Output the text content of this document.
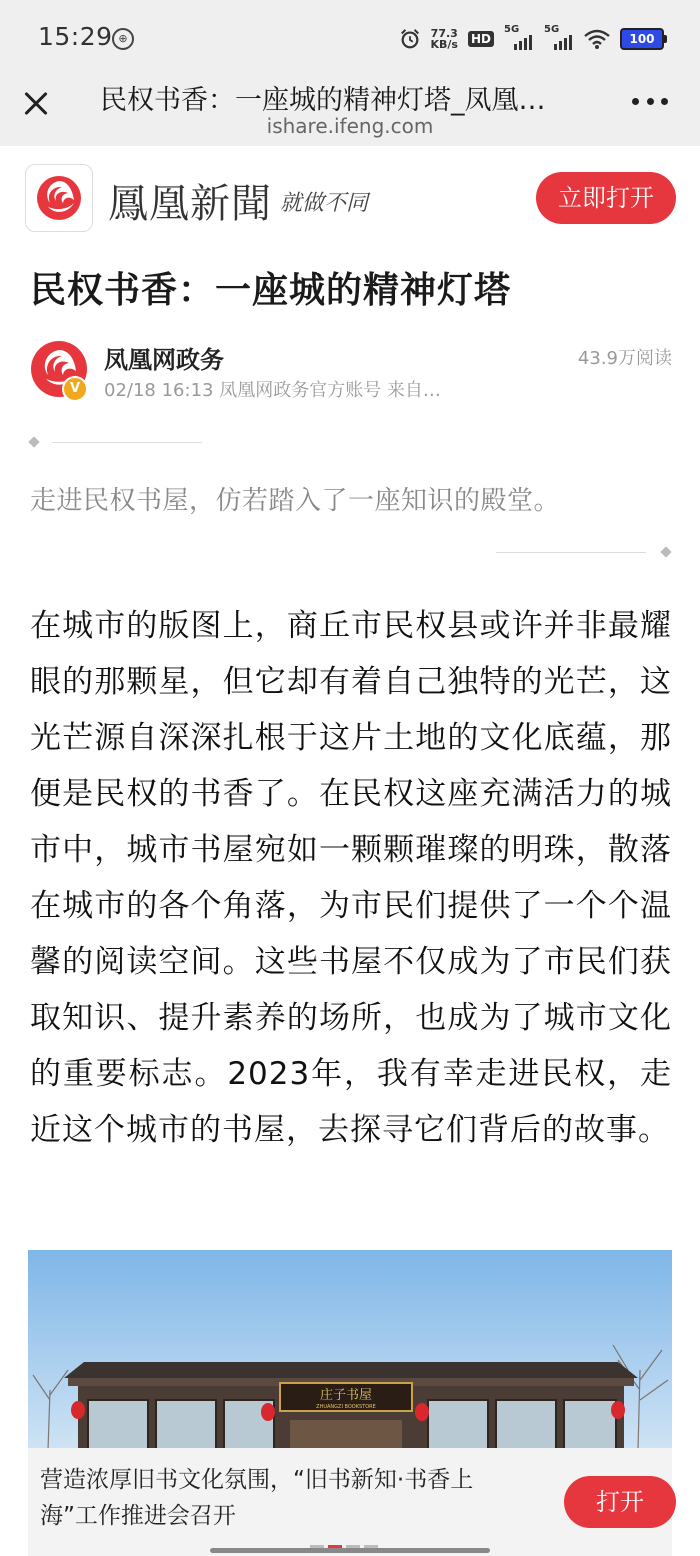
15:29 ⊕	77.3
KB/s HD
5G 5G
100
民权书香：一座城的精神灯塔_凤凰…
ishare.ifeng.com
鳳凰新聞 就做不同	立即打开
民权书香：一座城的精神灯塔
V
凤凰网政务	43.9万阅读
02/18 16:13 凤凰网政务官方账号 来自…
走进民权书屋，仿若踏入了一座知识的殿堂。

在城市的版图上，商丘市民权县或许并非最耀眼的那颗星，但它却有着自己独特的光芒，这光芒源自深深扎根于这片土地的文化底蕴，那便是民权的书香了。在民权这座充满活力的城市中，城市书屋宛如一颗颗璀璨的明珠，散落在城市的各个角落，为市民们提供了一个个温馨的阅读空间。这些书屋不仅成为了市民们获取知识、提升素养的场所，也成为了城市文化的重要标志。2023年，我有幸走进民权，走近这个城市的书屋，去探寻它们背后的故事。

庄子书屋
ZHUANGZI BOOKSTORE
营造浓厚旧书文化氛围，“旧书新知·书香上海”工作推进会召开	打开
